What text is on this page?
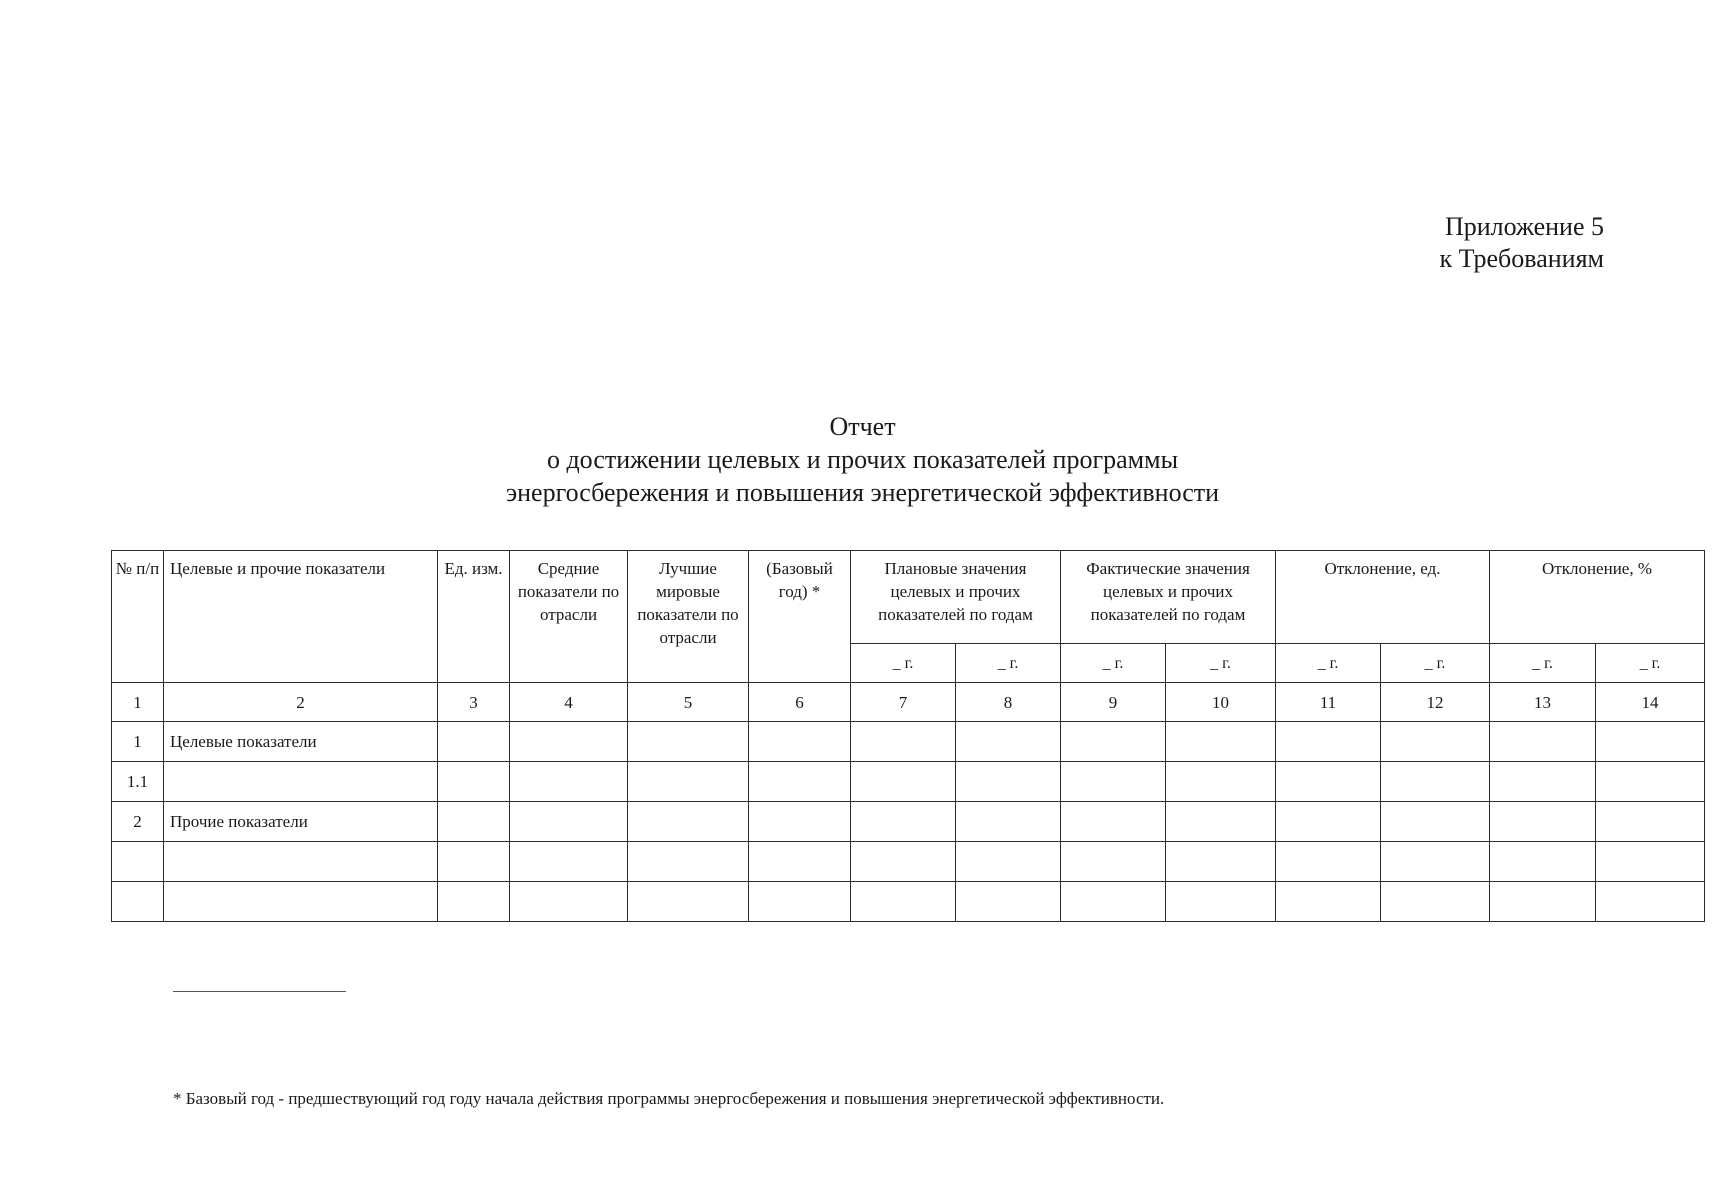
Приложение 5
к Требованиям
Отчет
о достижении целевых и прочих показателей программы
энергосбережения и повышения энергетической эффективности
№ п/п	Целевые и прочие показатели	Ед. изм.	Средние показатели по отрасли	Лучшие мировые показатели по отрасли	(Базовый год) *	Плановые значения целевых и прочих показателей по годам		Фактические значения целевых и прочих показателей по годам		Отклонение, ед.		Отклонение, %	
						_ г.	_ г.	_ г.	_ г.	_ г.	_ г.	_ г.	_ г.
1	2	3	4	5	6	7	8	9	10	11	12	13	14
1	Целевые показатели												
1.1													
2	Прочие показатели												

* Базовый год - предшествующий год году начала действия программы энергосбережения и повышения энергетической эффективности.
